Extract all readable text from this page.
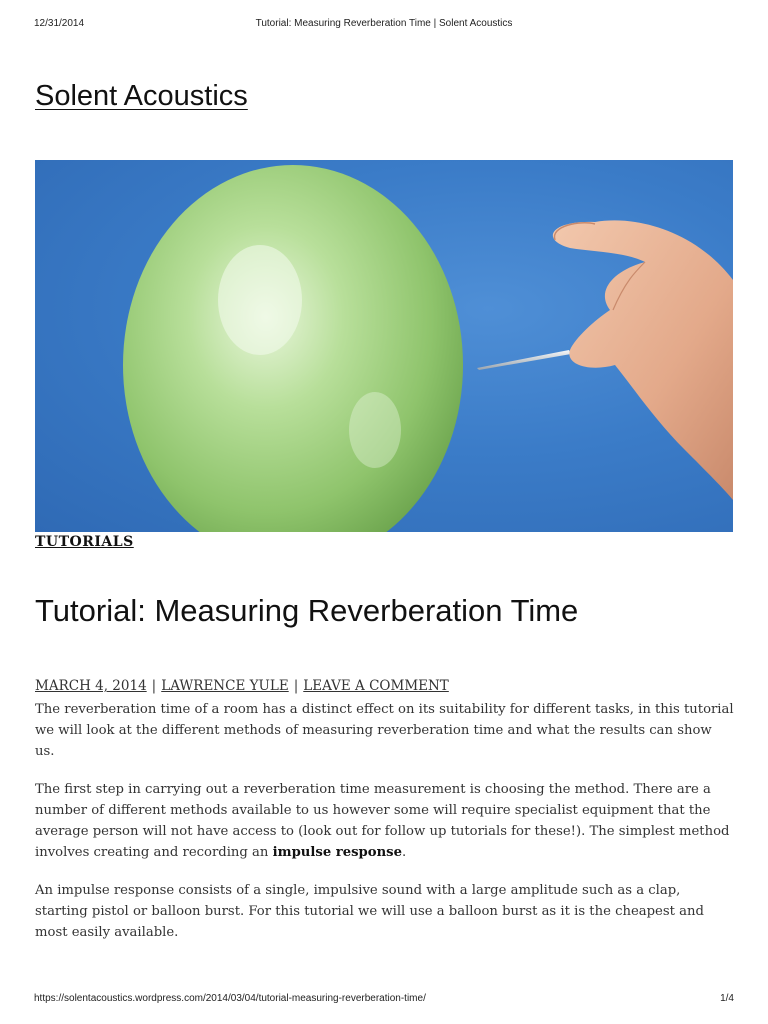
12/31/2014	Tutorial: Measuring Reverberation Time | Solent Acoustics
Solent Acoustics
TUTORIALS
Tutorial: Measuring Reverberation Time
MARCH 4, 2014 | LAWRENCE YULE | LEAVE A COMMENT

The reverberation time of a room has a distinct effect on its suitability for different tasks, in this tutorial we will look at the different methods of measuring reverberation time and what the results can show us.

The first step in carrying out a reverberation time measurement is choosing the method. There are a number of different methods available to us however some will require specialist equipment that the average person will not have access to (look out for follow up tutorials for these!). The simplest method involves creating and recording an impulse response.

An impulse response consists of a single, impulsive sound with a large amplitude such as a clap, starting pistol or balloon burst. For this tutorial we will use a balloon burst as it is the cheapest and most easily available.

https://solentacoustics.wordpress.com/2014/03/04/tutorial-measuring-reverberation-time/	1/4
